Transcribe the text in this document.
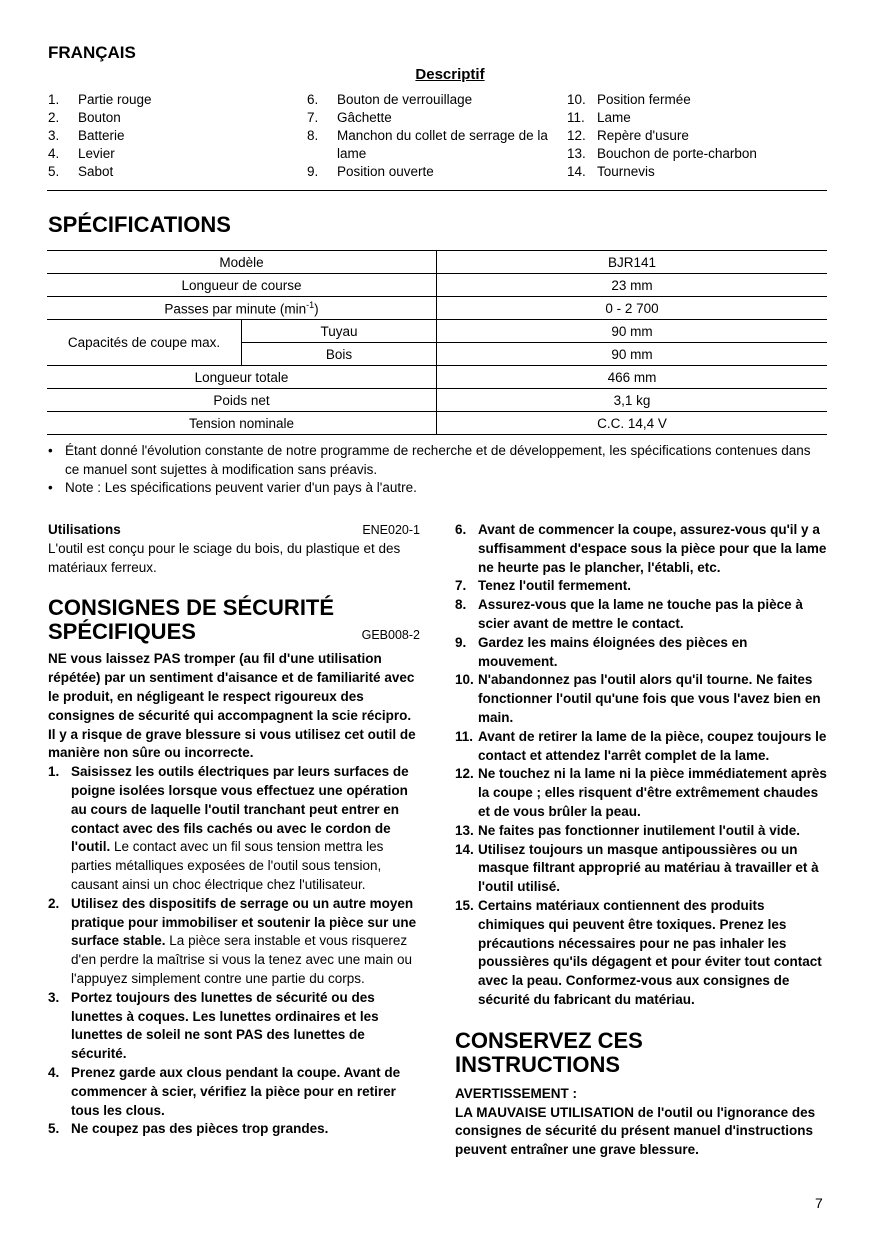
FRANÇAIS
Descriptif
1.	Partie rouge
2.	Bouton
3.	Batterie
4.	Levier
5.	Sabot
6.	Bouton de verrouillage
7.	Gâchette
8.	Manchon du collet de serrage de la lame
9.	Position ouverte
10. Position fermée
11. Lame
12. Repère d'usure
13. Bouchon de porte-charbon
14. Tournevis
SPÉCIFICATIONS
Modèle		BJR141
Longueur de course		23 mm
Passes par minute $(\min^{-1})$		0 - 2 700
Capacités de coupe max.	Tuyau	90 mm
	Bois	90 mm
Longueur totale		466 mm
Poids net		3,1 kg
Tension nominale		C.C. 14,4 V
• Étant donné l'évolution constante de notre programme de recherche et de développement, les spécifications contenues dans ce manuel sont sujettes à modification sans préavis.
• Note : Les spécifications peuvent varier d'un pays à l'autre.
Utilisations	ENE020-1
L'outil est conçu pour le sciage du bois, du plastique et des matériaux ferreux.
CONSIGNES DE SÉCURITÉ
SPÉCIFIQUES	GEB008-2
NE vous laissez PAS tromper (au fil d'une utilisation répétée) par un sentiment d'aisance et de familiarité avec le produit, en négligeant le respect rigoureux des consignes de sécurité qui accompagnent la scie récipro. Il y a risque de grave blessure si vous utilisez cet outil de manière non sûre ou incorrecte.
1. Saisissez les outils électriques par leurs surfaces de poigne isolées lorsque vous effectuez une opération au cours de laquelle l'outil tranchant peut entrer en contact avec des fils cachés ou avec le cordon de l'outil. Le contact avec un fil sous tension mettra les parties métalliques exposées de l'outil sous tension, causant ainsi un choc électrique chez l'utilisateur.
2. Utilisez des dispositifs de serrage ou un autre moyen pratique pour immobiliser et soutenir la pièce sur une surface stable. La pièce sera instable et vous risquerez d'en perdre la maîtrise si vous la tenez avec une main ou l'appuyez simplement contre une partie du corps.
3. Portez toujours des lunettes de sécurité ou des lunettes à coques. Les lunettes ordinaires et les lunettes de soleil ne sont PAS des lunettes de sécurité.
4. Prenez garde aux clous pendant la coupe. Avant de commencer à scier, vérifiez la pièce pour en retirer tous les clous.
5. Ne coupez pas des pièces trop grandes.
6. Avant de commencer la coupe, assurez-vous qu'il y a suffisamment d'espace sous la pièce pour que la lame ne heurte pas le plancher, l'établi, etc.
7. Tenez l'outil fermement.
8. Assurez-vous que la lame ne touche pas la pièce à scier avant de mettre le contact.
9. Gardez les mains éloignées des pièces en mouvement.
10. N'abandonnez pas l'outil alors qu'il tourne. Ne faites fonctionner l'outil qu'une fois que vous l'avez bien en main.
11. Avant de retirer la lame de la pièce, coupez toujours le contact et attendez l'arrêt complet de la lame.
12. Ne touchez ni la lame ni la pièce immédiatement après la coupe ; elles risquent d'être extrêmement chaudes et de vous brûler la peau.
13. Ne faites pas fonctionner inutilement l'outil à vide.
14. Utilisez toujours un masque antipoussières ou un masque filtrant approprié au matériau à travailler et à l'outil utilisé.
15. Certains matériaux contiennent des produits chimiques qui peuvent être toxiques. Prenez les précautions nécessaires pour ne pas inhaler les poussières qu'ils dégagent et pour éviter tout contact avec la peau. Conformez-vous aux consignes de sécurité du fabricant du matériau.
CONSERVEZ CES
INSTRUCTIONS
AVERTISSEMENT :
LA MAUVAISE UTILISATION de l'outil ou l'ignorance des consignes de sécurité du présent manuel d'instructions peuvent entraîner une grave blessure.
7
